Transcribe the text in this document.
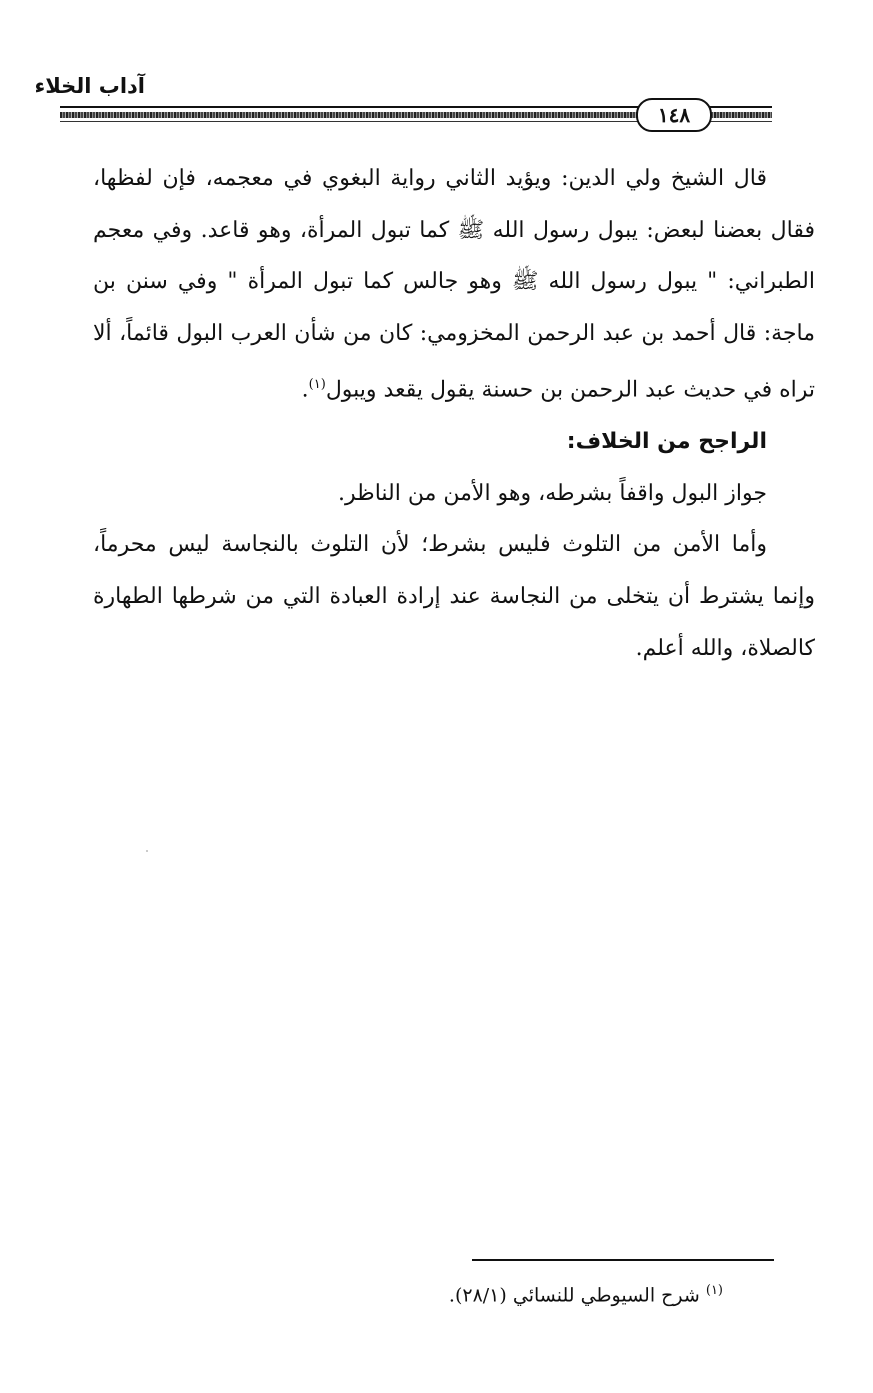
آداب الخلاء
١٤٨

قال الشيخ ولي الدين: ويؤيد الثاني رواية البغوي في معجمه، فإن لفظها، فقال بعضنا لبعض: يبول رسول الله ﷺ كما تبول المرأة، وهو قاعد. وفي معجم الطبراني: " يبول رسول الله ﷺ وهو جالس كما تبول المرأة " وفي سنن بن ماجة: قال أحمد بن عبد الرحمن المخزومي: كان من شأن العرب البول قائماً، ألا تراه في حديث عبد الرحمن بن حسنة يقول يقعد ويبول$^{(١)}$.

الراجح من الخلاف:

جواز البول واقفاً بشرطه، وهو الأمن من الناظر.

وأما الأمن من التلوث فليس بشرط؛ لأن التلوث بالنجاسة ليس محرماً، وإنما يشترط أن يتخلى من النجاسة عند إرادة العبادة التي من شرطها الطهارة كالصلاة، والله أعلم.

$^{(١)}$ شرح السيوطي للنسائي (٢٨/١).
